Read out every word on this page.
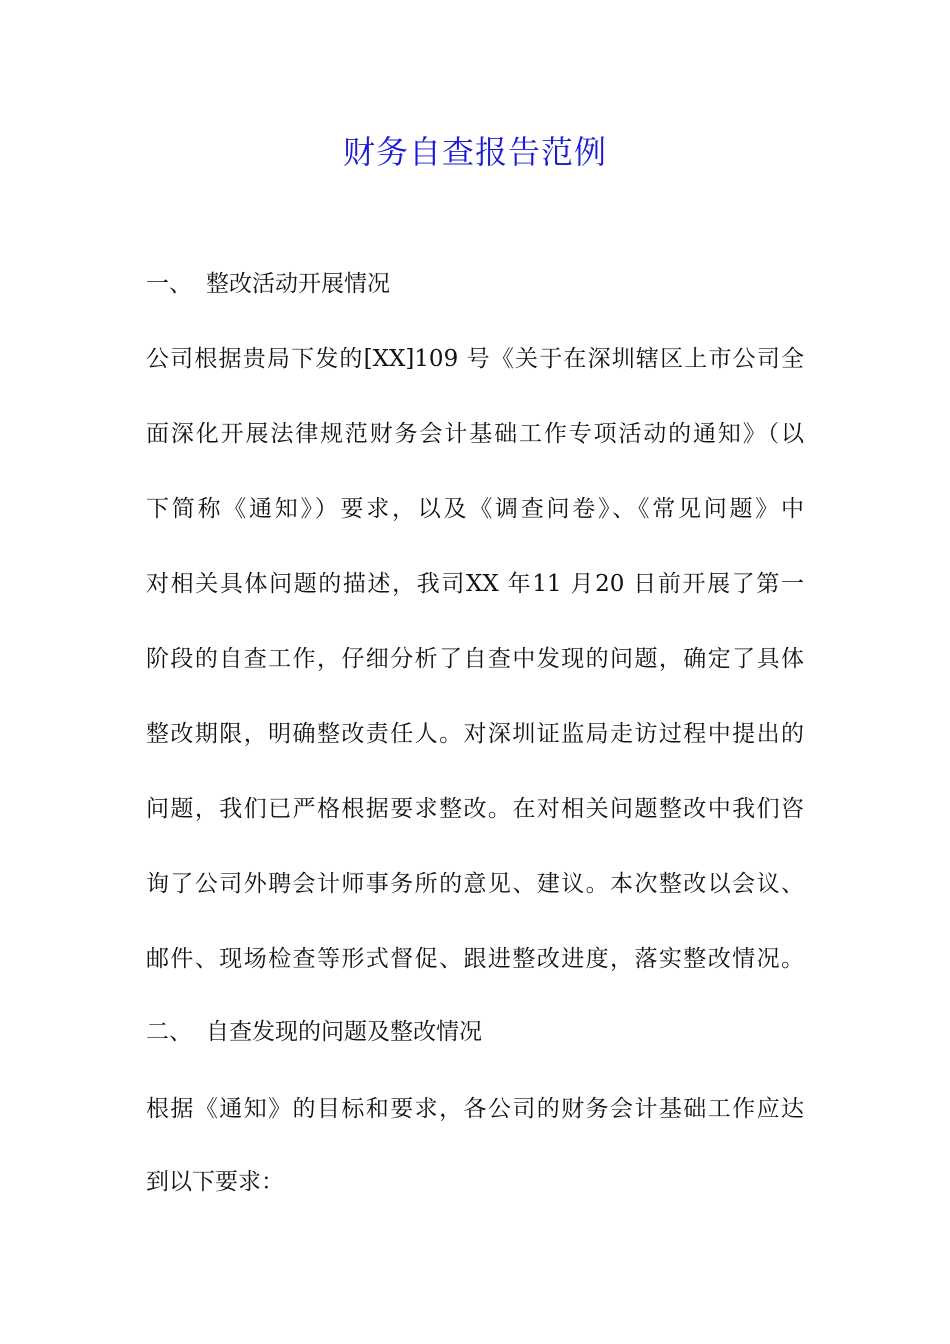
财务自查报告范例
一、 整改活动开展情况
公司根据贵局下发的[XX]109 号《关于在深圳辖区上市公司全
面深化开展法律规范财务会计基础工作专项活动的通知》（以
下简称《通知》）要求，以及《调查问卷》、《常见问题》中
对相关具体问题的描述，我司XX 年11 月20 日前开展了第一
阶段的自查工作，仔细分析了自查中发现的问题，确定了具体
整改期限，明确整改责任人。对深圳证监局走访过程中提出的
问题，我们已严格根据要求整改。在对相关问题整改中我们咨
询了公司外聘会计师事务所的意见、建议。本次整改以会议、
邮件、现场检查等形式督促、跟进整改进度，落实整改情况。
二、 自查发现的问题及整改情况
根据《通知》的目标和要求，各公司的财务会计基础工作应达
到以下要求：
